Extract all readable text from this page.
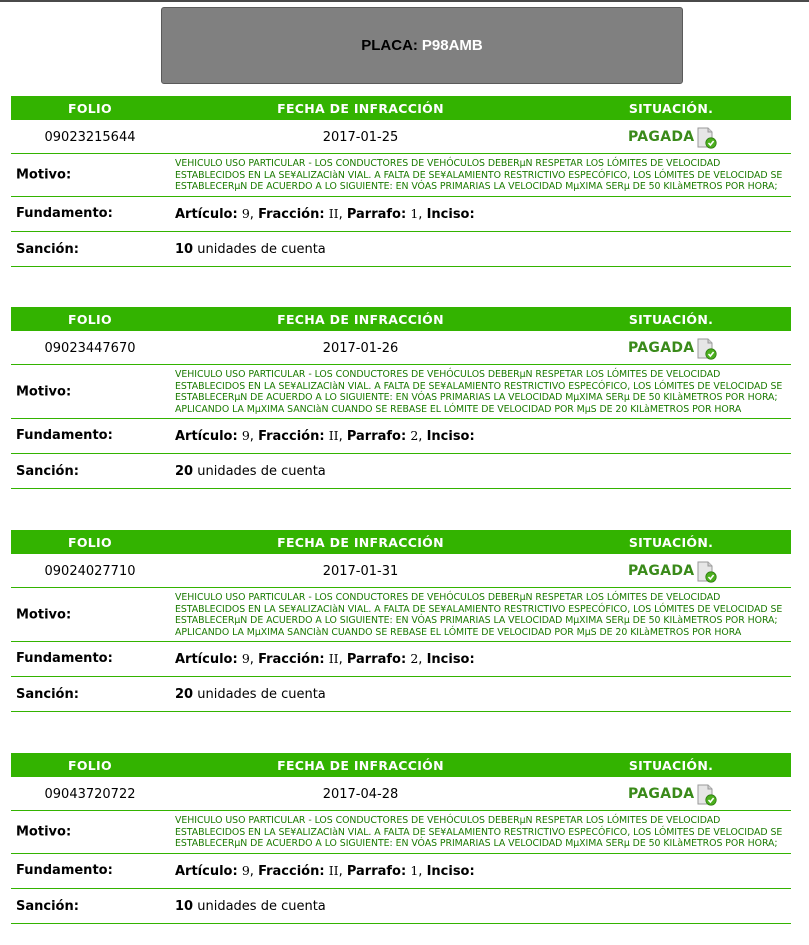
PLACA: P98AMB
FOLIO	FECHA DE INFRACCIÓN	SITUACIÓN.
09023215644	2017-01-25	PAGADA
Motivo:
VEHICULO USO PARTICULAR - LOS CONDUCTORES DE VEHÓCULOS DEBERµN RESPETAR LOS LÓMITES DE VELOCIDAD ESTABLECIDOS EN LA SE¥ALIZACIàN VIAL. A FALTA DE SE¥ALAMIENTO RESTRICTIVO ESPECÓFICO, LOS LÓMITES DE VELOCIDAD SE ESTABLECERµN DE ACUERDO A LO SIGUIENTE: EN VÓAS PRIMARIAS LA VELOCIDAD MµXIMA SERµ DE 50 KILàMETROS POR HORA;
Fundamento:	Artículo: 9, Fracción: II, Parrafo: 1, Inciso:
Sanción:	10 unidades de cuenta
FOLIO	FECHA DE INFRACCIÓN	SITUACIÓN.
09023447670	2017-01-26	PAGADA
Motivo:
VEHICULO USO PARTICULAR - LOS CONDUCTORES DE VEHÓCULOS DEBERµN RESPETAR LOS LÓMITES DE VELOCIDAD ESTABLECIDOS EN LA SE¥ALIZACIàN VIAL. A FALTA DE SE¥ALAMIENTO RESTRICTIVO ESPECÓFICO, LOS LÓMITES DE VELOCIDAD SE ESTABLECERµN DE ACUERDO A LO SIGUIENTE: EN VÓAS PRIMARIAS LA VELOCIDAD MµXIMA SERµ DE 50 KILàMETROS POR HORA; APLICANDO LA MµXIMA SANCIàN CUANDO SE REBASE EL LÓMITE DE VELOCIDAD POR MµS DE 20 KILàMETROS POR HORA
Fundamento:	Artículo: 9, Fracción: II, Parrafo: 2, Inciso:
Sanción:	20 unidades de cuenta
FOLIO	FECHA DE INFRACCIÓN	SITUACIÓN.
09024027710	2017-01-31	PAGADA
Motivo:
VEHICULO USO PARTICULAR - LOS CONDUCTORES DE VEHÓCULOS DEBERµN RESPETAR LOS LÓMITES DE VELOCIDAD ESTABLECIDOS EN LA SE¥ALIZACIàN VIAL. A FALTA DE SE¥ALAMIENTO RESTRICTIVO ESPECÓFICO, LOS LÓMITES DE VELOCIDAD SE ESTABLECERµN DE ACUERDO A LO SIGUIENTE: EN VÓAS PRIMARIAS LA VELOCIDAD MµXIMA SERµ DE 50 KILàMETROS POR HORA; APLICANDO LA MµXIMA SANCIàN CUANDO SE REBASE EL LÓMITE DE VELOCIDAD POR MµS DE 20 KILàMETROS POR HORA
Fundamento:	Artículo: 9, Fracción: II, Parrafo: 2, Inciso:
Sanción:	20 unidades de cuenta
FOLIO	FECHA DE INFRACCIÓN	SITUACIÓN.
09043720722	2017-04-28	PAGADA
Motivo:
VEHICULO USO PARTICULAR - LOS CONDUCTORES DE VEHÓCULOS DEBERµN RESPETAR LOS LÓMITES DE VELOCIDAD ESTABLECIDOS EN LA SE¥ALIZACIàN VIAL. A FALTA DE SE¥ALAMIENTO RESTRICTIVO ESPECÓFICO, LOS LÓMITES DE VELOCIDAD SE ESTABLECERµN DE ACUERDO A LO SIGUIENTE: EN VÓAS PRIMARIAS LA VELOCIDAD MµXIMA SERµ DE 50 KILàMETROS POR HORA;
Fundamento:	Artículo: 9, Fracción: II, Parrafo: 1, Inciso:
Sanción:	10 unidades de cuenta
